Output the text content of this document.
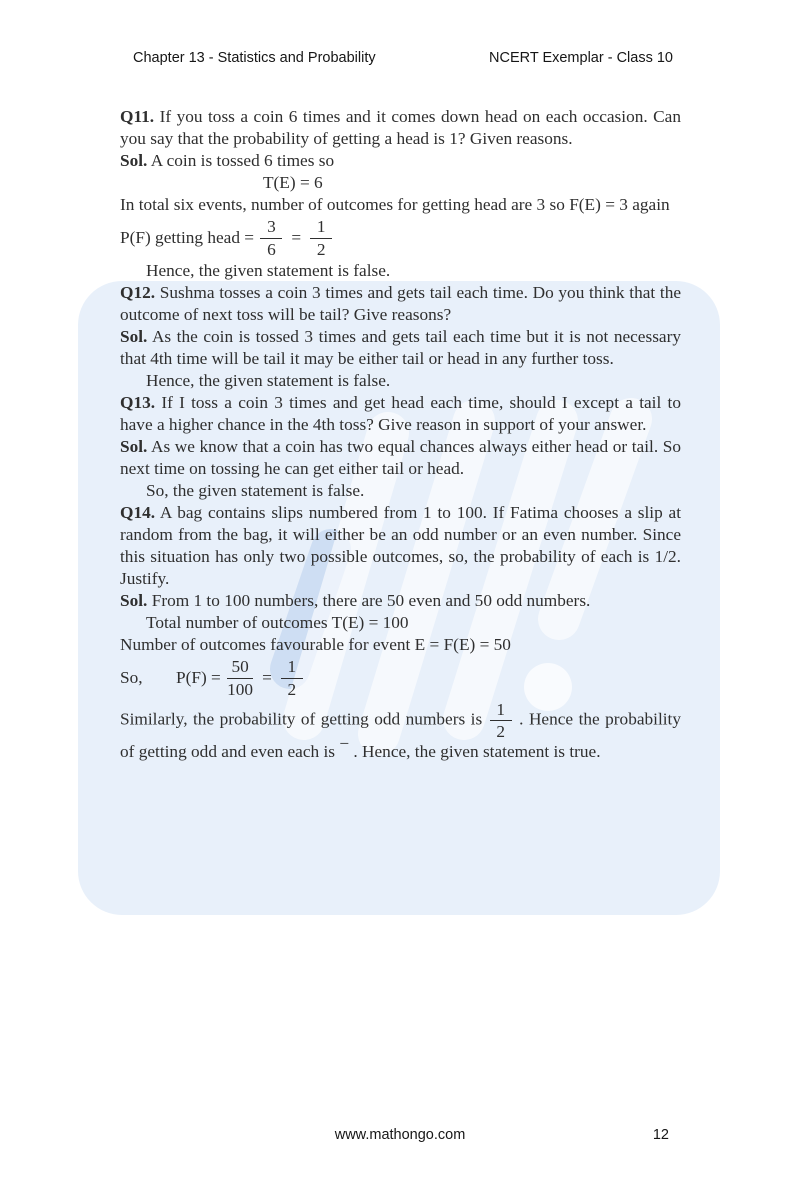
Chapter 13 - Statistics and Probability	NCERT Exemplar - Class 10

Q11. If you toss a coin 6 times and it comes down head on each occasion. Can you say that the probability of getting a head is 1? Given reasons.

Sol. A coin is tossed 6 times so

T(E) = 6

In total six events, number of outcomes for getting head are 3 so F(E) = 3 again

P(F) getting head =
$\frac{3}{6} = \frac{1}{2}$

Hence, the given statement is false.

Q12. Sushma tosses a coin 3 times and gets tail each time. Do you think that the outcome of next toss will be tail? Give reasons?

Sol. As the coin is tossed 3 times and gets tail each time but it is not necessary that 4th time will be tail it may be either tail or head in any further toss.

Hence, the given statement is false.

Q13. If I toss a coin 3 times and get head each time, should I except a tail to have a higher chance in the 4th toss? Give reason in support of your answer.

Sol. As we know that a coin has two equal chances always either head or tail. So next time on tossing he can get either tail or head.

So, the given statement is false.

Q14. A bag contains slips numbered from 1 to 100. If Fatima chooses a slip at random from the bag, it will either be an odd number or an even number. Since this situation has only two possible outcomes, so, the probability of each is 1/2. Justify.

Sol. From 1 to 100 numbers, there are 50 even and 50 odd numbers.

Total number of outcomes T(E) = 100

Number of outcomes favourable for event E = F(E) = 50

So,	P(F) =
$\frac{50}{100} = \frac{1}{2}$

Similarly, the probability of getting odd numbers is $\frac{1}{2}$ . Hence the probability of getting odd and even each is − . Hence, the given statement is true.

www.mathongo.com	12
